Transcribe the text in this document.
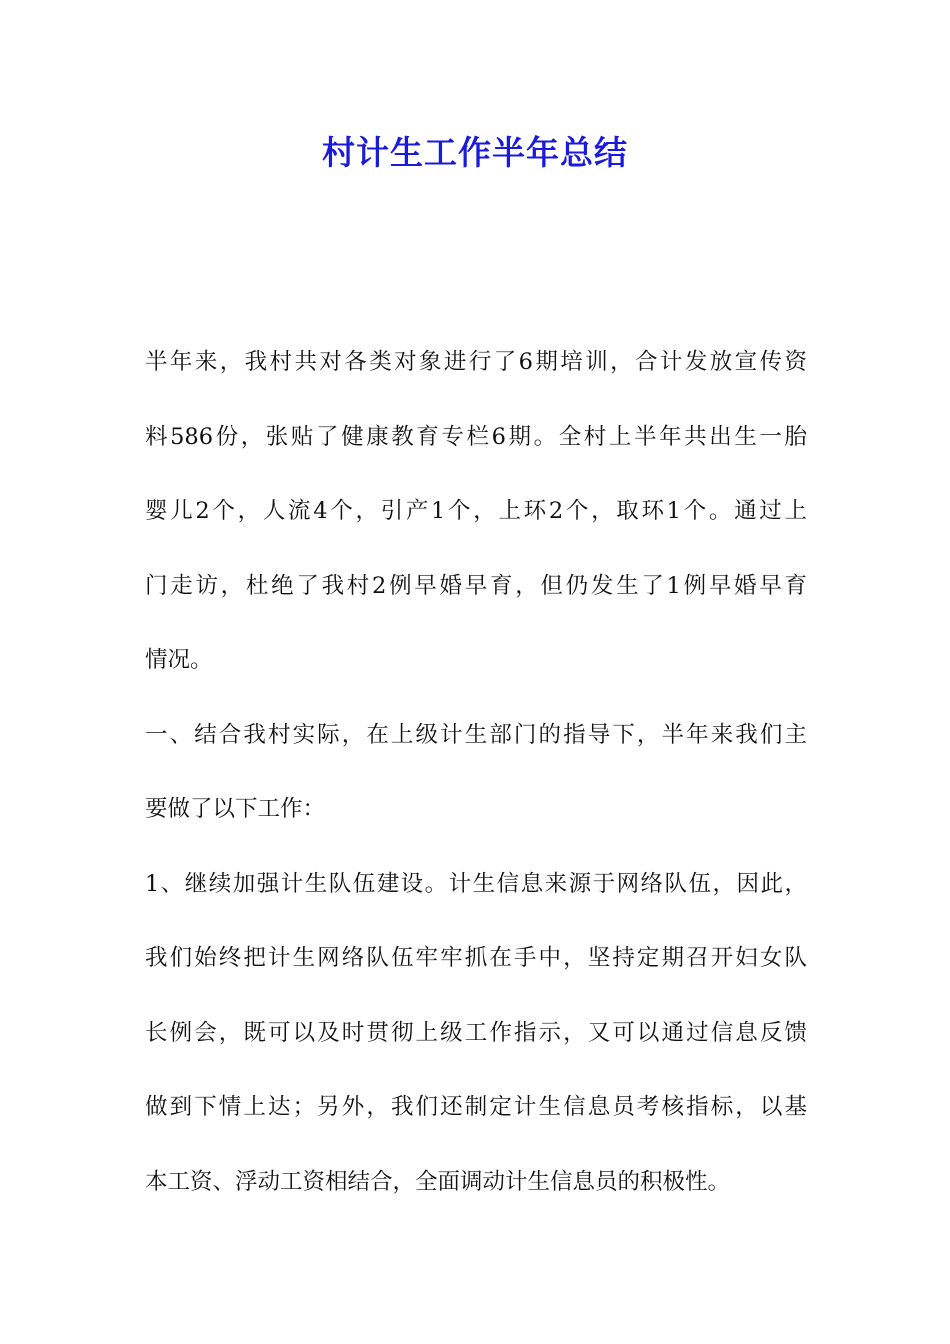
村计生工作半年总结
半年来，我村共对各类对象进行了6期培训，合计发放宣传资
料586份，张贴了健康教育专栏6期。全村上半年共出生一胎
婴儿2个，人流4个，引产1个，上环2个，取环1个。通过上
门走访，杜绝了我村2例早婚早育，但仍发生了1例早婚早育
情况。
一、结合我村实际，在上级计生部门的指导下，半年来我们主
要做了以下工作：
1、继续加强计生队伍建设。计生信息来源于网络队伍，因此，
我们始终把计生网络队伍牢牢抓在手中，坚持定期召开妇女队
长例会，既可以及时贯彻上级工作指示，又可以通过信息反馈
做到下情上达；另外，我们还制定计生信息员考核指标，以基
本工资、浮动工资相结合，全面调动计生信息员的积极性。
